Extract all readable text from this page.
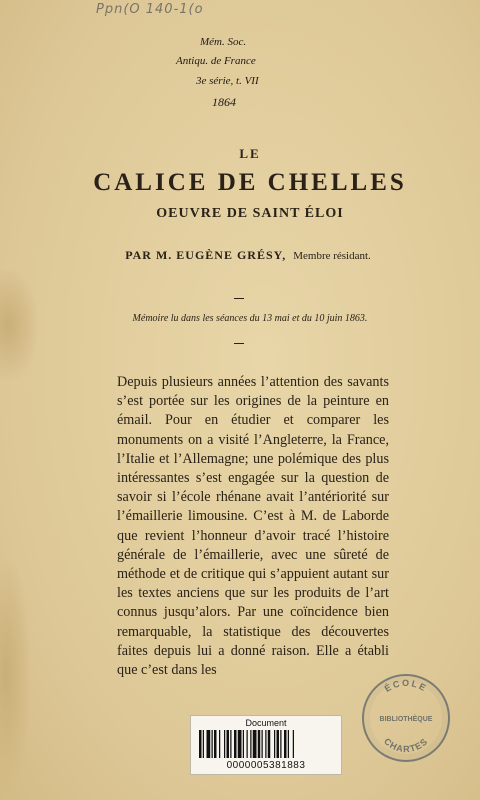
Ppn(O 140-1(o
Mém. Soc.
Antiqu. de France
3e série, t. VII
1864
LE
CALICE DE CHELLES
OEUVRE DE SAINT ÉLOI
PAR M. EUGÈNE GRÉSY, Membre résidant.
Mémoire lu dans les séances du 13 mai et du 10 juin 1863.
Depuis plusieurs années l’attention des savants s’est portée sur les origines de la peinture en émail. Pour en étudier et comparer les monuments on a visité l’Angleterre, la France, l’Italie et l’Allemagne; une polémique des plus intéressantes s’est engagée sur la question de savoir si l’école rhénane avait l’antériorité sur l’émaillerie limousine. C’est à M. de Laborde que revient l’honneur d’avoir tracé l’histoire générale de l’émaillerie, avec une sûreté de méthode et de critique qui s’appuient autant sur les textes anciens que sur les produits de l’art connus jusqu’alors. Par une coïncidence bien remarquable, la statistique des découvertes faites depuis lui a donné raison. Elle a établi que c’est dans les
ÉCOLE
BIBLIOTHÈQUE
CHARTES
Document
0000005381883
